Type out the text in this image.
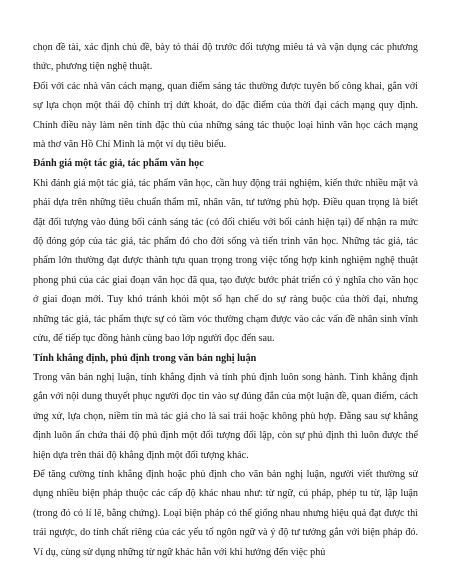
chọn đề tài, xác định chủ đề, bày tỏ thái độ trước đối tượng miêu tả và vận dụng các phương thức, phương tiện nghệ thuật.

Đối với các nhà văn cách mạng, quan điểm sáng tác thường được tuyên bố công khai, gắn với sự lựa chọn một thái độ chính trị dứt khoát, do đặc điểm của thời đại cách mạng quy định. Chính điều này làm nên tính đặc thù của những sáng tác thuộc loại hình văn học cách mạng mà thơ văn Hồ Chí Minh là một ví dụ tiêu biểu.

Đánh giá một tác giả, tác phẩm văn học

Khi đánh giá một tác giả, tác phẩm văn học, cần huy động trải nghiệm, kiến thức nhiều mặt và phải dựa trên những tiêu chuẩn thẩm mĩ, nhân văn, tư tưởng phù hợp. Điều quan trọng là biết đặt đối tượng vào đúng bối cảnh sáng tác (có đối chiếu với bối cảnh hiện tại) để nhận ra mức độ đóng góp của tác giả, tác phẩm đó cho đời sống và tiến trình văn học. Những tác giả, tác phẩm lớn thường đạt được thành tựu quan trọng trong việc tổng hợp kinh nghiệm nghệ thuật phong phú của các giai đoạn văn học đã qua, tạo được bước phát triển có ý nghĩa cho văn học ở giai đoạn mới. Tuy khó tránh khỏi một số hạn chế do sự ràng buộc của thời đại, nhưng những tác giả, tác phẩm thực sự có tầm vóc thường chạm được vào các vấn đề nhân sinh vĩnh cửu, để tiếp tục đồng hành cùng bao lớp người đọc đến sau.

Tính khẳng định, phủ định trong văn bản nghị luận

Trong văn bản nghị luận, tính khẳng định và tính phủ định luôn song hành. Tính khẳng định gắn với nội dung thuyết phục người đọc tin vào sự đúng đắn của một luận đề, quan điểm, cách ứng xử, lựa chọn, niềm tin mà tác giả cho là sai trái hoặc không phù hợp. Đằng sau sự khẳng định luôn ẩn chứa thái độ phủ định một đối tượng đối lập, còn sự phủ định thì luôn được thể hiện dựa trên thái độ khẳng định một đối tượng khác.

Để tăng cường tính khẳng định hoặc phủ định cho văn bản nghị luận, người viết thường sử dụng nhiều biện pháp thuộc các cấp độ khác nhau như: từ ngữ, cú pháp, phép tu từ, lập luận (trong đó có lí lẽ, bằng chứng). Loại biện pháp có thể giống nhau nhưng hiệu quả đạt được thì trái ngược, do tính chất riêng của các yếu tố ngôn ngữ và ý độ tư tưởng gắn với biện pháp đó. Ví dụ, cùng sử dụng những từ ngữ khác hẳn với khi hướng đến việc phủ
